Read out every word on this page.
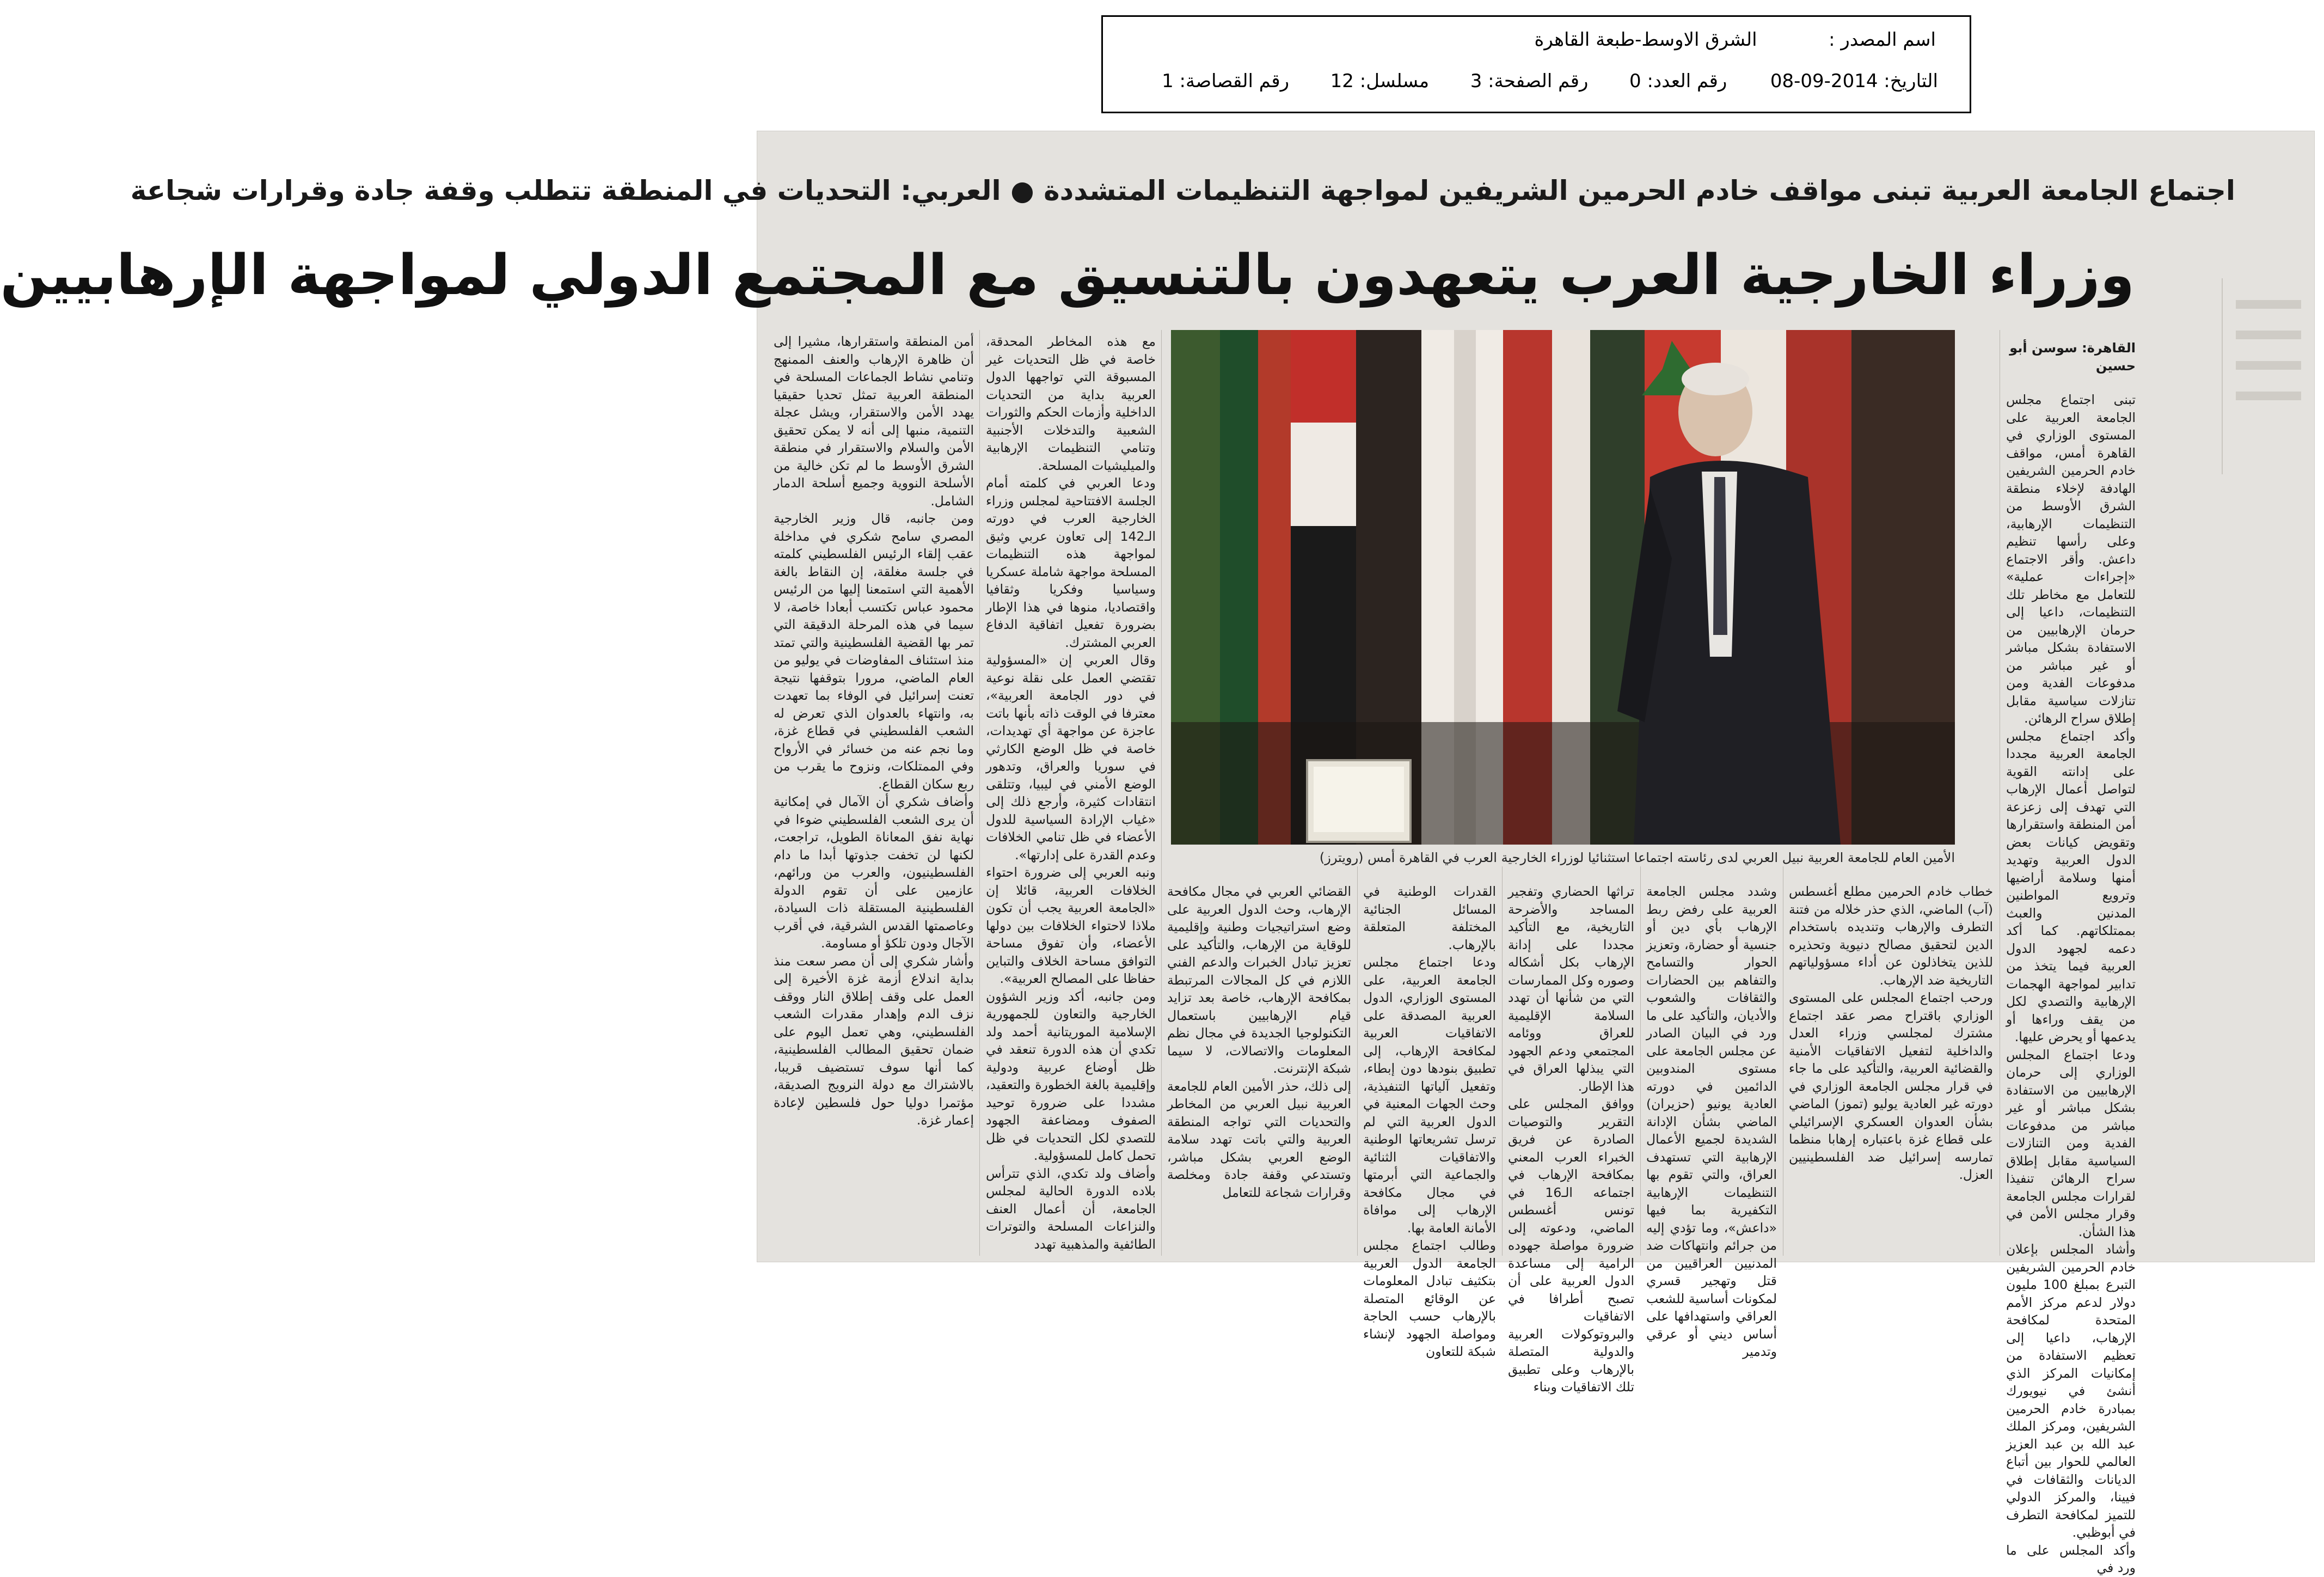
اسم المصدر :  الشرق الاوسط-طبعة القاهرة
التاريخ: 08-09-2014  رقم العدد: 0  رقم الصفحة: 3  مسلسل: 12  رقم القصاصة: 1
اجتماع الجامعة العربية تبنى مواقف خادم الحرمين الشريفين لمواجهة التنظيمات المتشددة ● العربي: التحديات في المنطقة تتطلب وقفة جادة وقرارات شجاعة
وزراء الخارجية العرب يتعهدون بالتنسيق مع المجتمع الدولي لمواجهة الإرهابيين
الأمين العام للجامعة العربية نبيل العربي لدى رئاسته اجتماعا استثنائيا لوزراء الخارجية العرب في القاهرة أمس (رويترز)
القاهرة: سوسن أبو حسين

تبنى اجتماع مجلس الجامعة العربية على المستوى الوزاري في القاهرة أمس، مواقف خادم الحرمين الشريفين الهادفة لإخلاء منطقة الشرق الأوسط من التنظيمات الإرهابية، وعلى رأسها تنظيم داعش. وأقر الاجتماع «إجراءات عملية» للتعامل مع مخاطر تلك التنظيمات، داعيا إلى حرمان الإرهابيين من الاستفادة بشكل مباشر أو غير مباشر من مدفوعات الفدية ومن تنازلات سياسية مقابل إطلاق سراح الرهائن.

وأكد اجتماع مجلس الجامعة العربية مجددا على إدانته القوية لتواصل أعمال الإرهاب التي تهدف إلى زعزعة أمن المنطقة واستقرارها وتقويض كيانات بعض الدول العربية وتهديد أمنها وسلامة أراضيها وترويع المواطنين المدنين والعبث بممتلكاتهم. كما أكد دعمه لجهود الدول العربية فيما يتخذ من تدابير لمواجهة الهجمات الإرهابية والتصدي لكل من يقف وراءها أو يدعمها أو يحرض عليها.

ودعا اجتماع المجلس الوزاري إلى حرمان الإرهابيين من الاستفادة بشكل مباشر أو غير مباشر من مدفوعات الفدية ومن التنازلات السياسية مقابل إطلاق سراح الرهائن تنفيذا لقرارات مجلس الجامعة وقرار مجلس الأمن في هذا الشأن.

وأشاد المجلس بإعلان خادم الحرمين الشريفين التبرع بمبلغ 100 مليون دولار لدعم مركز الأمم المتحدة لمكافحة الإرهاب، داعيا إلى تعظيم الاستفادة من إمكانيات المركز الذي أنشئ في نيويورك بمبادرة خادم الحرمين الشريفين، ومركز الملك عبد الله بن عبد العزيز العالمي للحوار بين أتباع الديانات والثقافات في فيينا، والمركز الدولي للتميز لمكافحة التطرف في أبوظبي.

وأكد المجلس على ما ورد في

خطاب خادم الحرمين مطلع أغسطس (آب) الماضي، الذي حذر خلاله من فتنة التطرف والإرهاب وتنديده باستخدام الدين لتحقيق مصالح دنيوية وتحذيره للذين يتخاذلون عن أداء مسؤولياتهم التاريخية ضد الإرهاب.

ورحب اجتماع المجلس على المستوى الوزاري باقتراح مصر عقد اجتماع مشترك لمجلسي وزراء العدل والداخلية لتفعيل الاتفاقيات الأمنية والقضائية العربية، والتأكيد على ما جاء في قرار مجلس الجامعة الوزاري في دورته غير العادية يوليو (تموز) الماضي بشأن العدوان العسكري الإسرائيلي على قطاع غزة باعتباره إرهابا منظما تمارسه إسرائيل ضد الفلسطينيين العزل.

وشدد مجلس الجامعة العربية على رفض ربط الإرهاب بأي دين أو جنسية أو حضارة، وتعزيز الحوار والتسامح والتفاهم بين الحضارات والثقافات والشعوب والأديان، والتأكيد على ما ورد في البيان الصادر عن مجلس الجامعة على مستوى المندوبين الدائمين في دورته العادية يونيو (حزيران) الماضي بشأن الإدانة الشديدة لجميع الأعمال الإرهابية التي تستهدف العراق، والتي تقوم بها التنظيمات الإرهابية التكفيرية بما فيها «داعش»، وما تؤدي إليه من جرائم وانتهاكات ضد المدنيين العراقيين من قتل وتهجير قسري لمكونات أساسية للشعب العراقي واستهدافها على أساس ديني أو عرقي وتدمير

تراثها الحضاري وتفجير المساجد والأضرحة التاريخية، مع التأكيد مجددا على إدانة الإرهاب بكل أشكاله وصوره وكل الممارسات التي من شأنها أن تهدد السلامة الإقليمية للعراق ووئامه المجتمعي ودعم الجهود التي يبذلها العراق في هذا الإطار.

ووافق المجلس على التقرير والتوصيات الصادرة عن فريق الخبراء العرب المعني بمكافحة الإرهاب في اجتماعه الـ16 في تونس أغسطس الماضي، ودعوته إلى ضرورة مواصلة جهوده الرامية إلى مساعدة الدول العربية على أن تصبح أطرافا في الاتفاقيات والبروتوكولات العربية والدولية المتصلة بالإرهاب وعلى تطبيق تلك الاتفاقيات وبناء

القدرات الوطنية في المسائل الجنائية المختلفة المتعلقة بالإرهاب.

ودعا اجتماع مجلس الجامعة العربية، على المستوى الوزاري، الدول العربية المصدقة على الاتفاقيات العربية لمكافحة الإرهاب، إلى تطبيق بنودها دون إبطاء، وتفعيل آلياتها التنفيذية، وحث الجهات المعنية في الدول العربية التي لم ترسل تشريعاتها الوطنية والاتفاقيات الثنائية والجماعية التي أبرمتها في مجال مكافحة الإرهاب إلى موافاة الأمانة العامة بها.

وطالب اجتماع مجلس الجامعة الدول العربية بتكثيف تبادل المعلومات عن الوقائع المتصلة بالإرهاب حسب الحاجة ومواصلة الجهود لإنشاء شبكة للتعاون

القضائي العربي في مجال مكافحة الإرهاب، وحث الدول العربية على وضع استراتيجيات وطنية وإقليمية للوقاية من الإرهاب، والتأكيد على تعزيز تبادل الخبرات والدعم الفني اللازم في كل المجالات المرتبطة بمكافحة الإرهاب، خاصة بعد تزايد قيام الإرهابيين باستعمال التكنولوجيا الجديدة في مجال نظم المعلومات والاتصالات، لا سيما شبكة الإنترنت.

إلى ذلك، حذر الأمين العام للجامعة العربية نبيل العربي من المخاطر والتحديات التي تواجه المنطقة العربية والتي باتت تهدد سلامة الوضع العربي بشكل مباشر، وتستدعي وقفة جادة ومخلصة وقرارات شجاعة للتعامل

مع هذه المخاطر المحدقة، خاصة في ظل التحديات غير المسبوقة التي تواجهها الدول العربية بداية من التحديات الداخلية وأزمات الحكم والثورات الشعبية والتدخلات الأجنبية وتنامي التنظيمات الإرهابية والميليشيات المسلحة.

ودعا العربي في كلمته أمام الجلسة الافتتاحية لمجلس وزراء الخارجية العرب في دورته الـ142 إلى تعاون عربي وثيق لمواجهة هذه التنظيمات المسلحة مواجهة شاملة عسكريا وسياسيا وفكريا وثقافيا واقتصاديا، منوها في هذا الإطار بضرورة تفعيل اتفاقية الدفاع العربي المشترك.

وقال العربي إن «المسؤولية تقتضي العمل على نقلة نوعية في دور الجامعة العربية»، معترفا في الوقت ذاته بأنها باتت عاجزة عن مواجهة أي تهديدات، خاصة في ظل الوضع الكارثي في سوريا والعراق، وتدهور الوضع الأمني في ليبيا، وتتلقى انتقادات كثيرة، وأرجع ذلك إلى «غياب الإرادة السياسية للدول الأعضاء في ظل تنامي الخلافات وعدم القدرة على إدارتها».

ونبه العربي إلى ضرورة احتواء الخلافات العربية، قائلا إن «الجامعة العربية يجب أن تكون ملاذا لاحتواء الخلافات بين دولها الأعضاء، وأن تفوق مساحة التوافق مساحة الخلاف والتباين حفاظا على المصالح العربية».

ومن جانبه، أكد وزير الشؤون الخارجية والتعاون للجمهورية الإسلامية الموريتانية أحمد ولد تكدي أن هذه الدورة تنعقد في ظل أوضاع عربية ودولية وإقليمية بالغة الخطورة والتعقيد، مشددا على ضرورة توحيد الصفوف ومضاعفة الجهود للتصدي لكل التحديات في ظل تحمل كامل للمسؤولية.

وأضاف ولد تكدي، الذي تترأس بلاده الدورة الحالية لمجلس الجامعة، أن أعمال العنف والنزاعات المسلحة والتوترات الطائفية والمذهبية تهدد

أمن المنطقة واستقرارها، مشيرا إلى أن ظاهرة الإرهاب والعنف الممنهج وتنامي نشاط الجماعات المسلحة في المنطقة العربية تمثل تحديا حقيقيا يهدد الأمن والاستقرار، ويشل عجلة التنمية، منبها إلى أنه لا يمكن تحقيق الأمن والسلام والاستقرار في منطقة الشرق الأوسط ما لم تكن خالية من الأسلحة النووية وجميع أسلحة الدمار الشامل.

ومن جانبه، قال وزير الخارجية المصري سامح شكري في مداخلة عقب إلقاء الرئيس الفلسطيني كلمته في جلسة مغلقة، إن النقاط بالغة الأهمية التي استمعنا إليها من الرئيس محمود عباس تكتسب أبعادا خاصة، لا سيما في هذه المرحلة الدقيقة التي تمر بها القضية الفلسطينية والتي تمتد منذ استئناف المفاوضات في يوليو من العام الماضي، مرورا بتوقفها نتيجة تعنت إسرائيل في الوفاء بما تعهدت به، وانتهاء بالعدوان الذي تعرض له الشعب الفلسطيني في قطاع غزة، وما نجم عنه من خسائر في الأرواح وفي الممتلكات، ونزوح ما يقرب من ربع سكان القطاع.

وأضاف شكري أن الآمال في إمكانية أن يرى الشعب الفلسطيني ضوءا في نهاية نفق المعاناة الطويل، تراجعت، لكنها لن تخفت جذوتها أبدا ما دام الفلسطينيون، والعرب من ورائهم، عازمين على أن تقوم الدولة الفلسطينية المستقلة ذات السيادة، وعاصمتها القدس الشرقية، في أقرب الآجال ودون تلكؤ أو مساومة.

وأشار شكري إلى أن مصر سعت منذ بداية اندلاع أزمة غزة الأخيرة إلى العمل على وقف إطلاق النار ووقف نزف الدم وإهدار مقدرات الشعب الفلسطيني، وهي تعمل اليوم على ضمان تحقيق المطالب الفلسطينية، كما أنها سوف تستضيف قريبا، بالاشتراك مع دولة النرويج الصديقة، مؤتمرا دوليا حول فلسطين لإعادة إعمار غزة.
